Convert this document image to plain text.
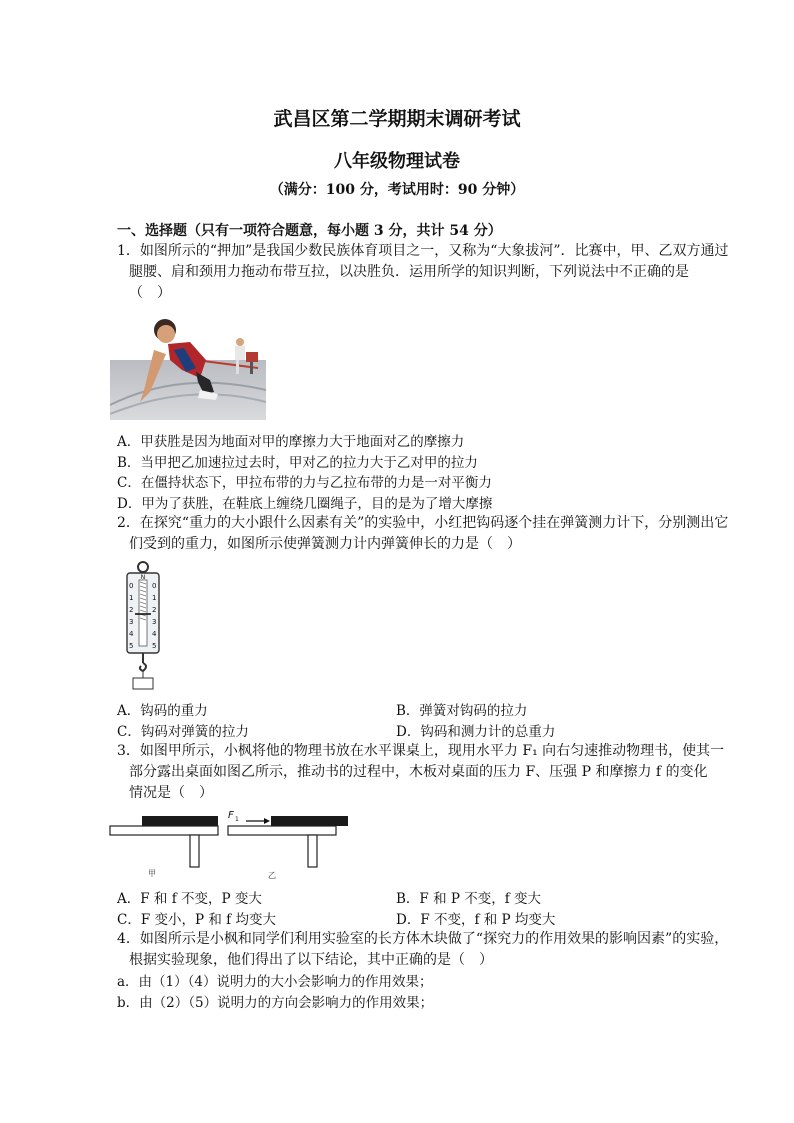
武昌区第二学期期末调研考试
八年级物理试卷
（满分：100 分，考试用时：90 分钟）
一、选择题（只有一项符合题意，每小题 3 分，共计 54 分）
1．如图所示的“押加”是我国少数民族体育项目之一，又称为“大象拔河”．比赛中，甲、乙双方通过
腿腰、肩和颈用力拖动布带互拉，以决胜负．运用所学的知识判断，下列说法中不正确的是
（　）
A．甲获胜是因为地面对甲的摩擦力大于地面对乙的摩擦力
B．当甲把乙加速拉过去时，甲对乙的拉力大于乙对甲的拉力
C．在僵持状态下，甲拉布带的力与乙拉布带的力是一对平衡力
D．甲为了获胜，在鞋底上缠绕几圈绳子，目的是为了增大摩擦
2．在探究“重力的大小跟什么因素有关”的实验中，小红把钩码逐个挂在弹簧测力计下，分别测出它
们受到的重力，如图所示使弹簧测力计内弹簧伸长的力是（　）
N
0
1
2
3
4
5
0
1
2
3
4
5
A．钩码的重力	B．弹簧对钩码的拉力
C．钩码对弹簧的拉力	D．钩码和测力计的总重力
3．如图甲所示，小枫将他的物理书放在水平课桌上，现用水平力 F₁ 向右匀速推动物理书，使其一
部分露出桌面如图乙所示，推动书的过程中，木板对桌面的压力 F、压强 P 和摩擦力 f 的变化
情况是（　）
甲
F 1
乙
A．F 和 f 不变，P 变大	B．F 和 P 不变，f 变大
C．F 变小，P 和 f 均变大	D．F 不变，f 和 P 均变大
4．如图所示是小枫和同学们利用实验室的长方体木块做了“探究力的作用效果的影响因素”的实验，
根据实验现象，他们得出了以下结论，其中正确的是（　）
a．由（1）（4）说明力的大小会影响力的作用效果；
b．由（2）（5）说明力的方向会影响力的作用效果；
